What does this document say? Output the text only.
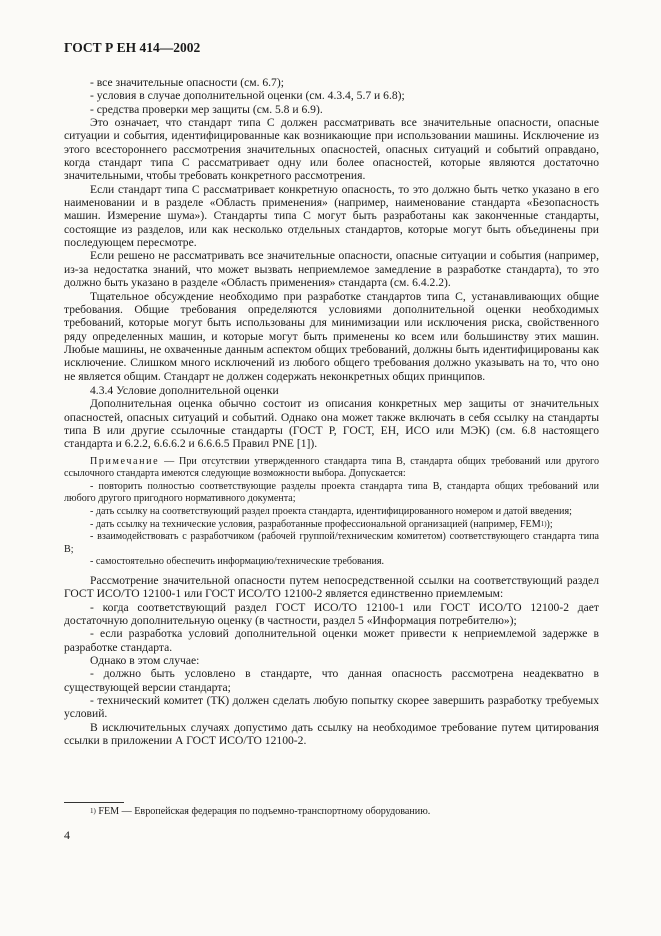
ГОСТ Р ЕН 414—2002

- все значительные опасности (см. 6.7);

- условия в случае дополнительной оценки (см. 4.3.4, 5.7 и 6.8);

- средства проверки мер защиты (см. 5.8 и 6.9).

Это означает, что стандарт типа С должен рассматривать все значительные опасности, опасные ситуации и события, идентифицированные как возникающие при использовании машины. Исключение из этого всестороннего рассмотрения значительных опасностей, опасных ситуаций и событий оправдано, когда стандарт типа С рассматривает одну или более опасностей, которые являются достаточно значительными, чтобы требовать конкретного рассмотрения.

Если стандарт типа С рассматривает конкретную опасность, то это должно быть четко указано в его наименовании и в разделе «Область применения» (например, наименование стандарта «Безопасность машин. Измерение шума»). Стандарты типа С могут быть разработаны как законченные стандарты, состоящие из разделов, или как несколько отдельных стандартов, которые могут быть объединены при последующем пересмотре.

Если решено не рассматривать все значительные опасности, опасные ситуации и события (например, из-за недостатка знаний, что может вызвать неприемлемое замедление в разработке стандарта), то это должно быть указано в разделе «Область применения» стандарта (см. 6.4.2.2).

Тщательное обсуждение необходимо при разработке стандартов типа С, устанавливающих общие требования. Общие требования определяются условиями дополнительной оценки необходимых требований, которые могут быть использованы для минимизации или исключения риска, свойственного ряду определенных машин, и которые могут быть применены ко всем или большинству этих машин. Любые машины, не охваченные данным аспектом общих требований, должны быть идентифицированы как исключение. Слишком много исключений из любого общего требования должно указывать на то, что оно не является общим. Стандарт не должен содержать неконкретных общих принципов.

4.3.4 Условие дополнительной оценки

Дополнительная оценка обычно состоит из описания конкретных мер защиты от значительных опасностей, опасных ситуаций и событий. Однако она может также включать в себя ссылку на стандарты типа В или другие ссылочные стандарты (ГОСТ Р, ГОСТ, ЕН, ИСО или МЭК) (см. 6.8 настоящего стандарта и 6.2.2, 6.6.6.2 и 6.6.6.5 Правил PNE [1]).

Примечание — При отсутствии утвержденного стандарта типа В, стандарта общих требований или другого ссылочного стандарта имеются следующие возможности выбора. Допускается:

- повторить полностью соответствующие разделы проекта стандарта типа В, стандарта общих требований или любого другого пригодного нормативного документа;

- дать ссылку на соответствующий раздел проекта стандарта, идентифицированного номером и датой введения;

- дать ссылку на технические условия, разработанные профессиональной организацией (например, FEM$^{1)}$);

- взаимодействовать с разработчиком (рабочей группой/техническим комитетом) соответствующего стандарта типа В;

- самостоятельно обеспечить информацию/технические требования.

Рассмотрение значительной опасности путем непосредственной ссылки на соответствующий раздел ГОСТ ИСО/ТО 12100-1 или ГОСТ ИСО/ТО 12100-2 является единственно приемлемым:

- когда соответствующий раздел ГОСТ ИСО/ТО 12100-1 или ГОСТ ИСО/ТО 12100-2 дает достаточную дополнительную оценку (в частности, раздел 5 «Информация потребителю»);

- если разработка условий дополнительной оценки может привести к неприемлемой задержке в разработке стандарта.

Однако в этом случае:

- должно быть условлено в стандарте, что данная опасность рассмотрена неадекватно в существующей версии стандарта;

- технический комитет (ТК) должен сделать любую попытку скорее завершить разработку требуемых условий.

В исключительных случаях допустимо дать ссылку на необходимое требование путем цитирования ссылки в приложении А ГОСТ ИСО/ТО 12100-2.

$^{1)}$ FEM — Европейская федерация по подъемно-транспортному оборудованию.
4
